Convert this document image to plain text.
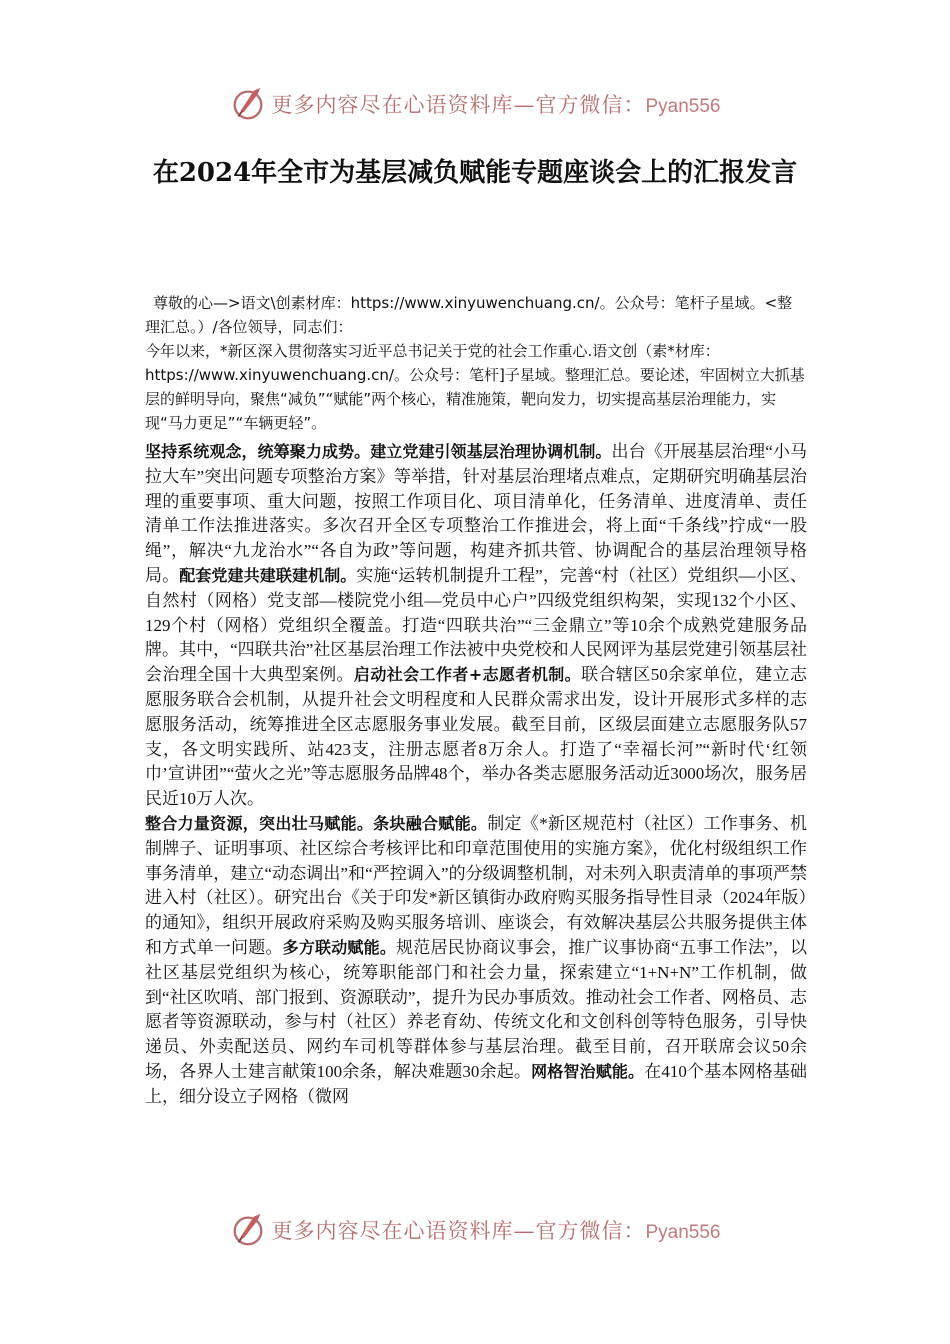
更多内容尽在心语资料库—官方微信：Pyan556
在2024年全市为基层减负赋能专题座谈会上的汇报发言

尊敬的心—>语文\创素材库：https://www.xinyuwenchuang.cn/。公众号：笔杆子星域。<整理汇总。）/各位领导，同志们：

今年以来，*新区深入贯彻落实习近平总书记关于党的社会工作重心.语文创（素*材库：https://www.xinyuwenchuang.cn/。公众号：笔杆]子星域。整理汇总。要论述，牢固树立大抓基层的鲜明导向，聚焦“减负”“赋能”两个核心，精准施策，靶向发力，切实提高基层治理能力，实现“马力更足”“车辆更轻”。

坚持系统观念，统筹聚力成势。建立党建引领基层治理协调机制。出台《开展基层治理“小马拉大车”突出问题专项整治方案》等举措，针对基层治理堵点难点，定期研究明确基层治理的重要事项、重大问题，按照工作项目化、项目清单化，任务清单、进度清单、责任清单工作法推进落实。多次召开全区专项整治工作推进会，将上面“千条线”拧成“一股绳”，解决“九龙治水”“各自为政”等问题，构建齐抓共管、协调配合的基层治理领导格局。配套党建共建联建机制。实施“运转机制提升工程”，完善“村（社区）党组织—小区、自然村（网格）党支部—楼院党小组—党员中心户”四级党组织构架，实现132个小区、129个村（网格）党组织全覆盖。打造“四联共治”“三金鼎立”等10余个成熟党建服务品牌。其中，“四联共治”社区基层治理工作法被中央党校和人民网评为基层党建引领基层社会治理全国十大典型案例。启动社会工作者+志愿者机制。联合辖区50余家单位，建立志愿服务联合会机制，从提升社会文明程度和人民群众需求出发，设计开展形式多样的志愿服务活动，统筹推进全区志愿服务事业发展。截至目前，区级层面建立志愿服务队57支，各文明实践所、站423支，注册志愿者8万余人。打造了“幸福长河”“新时代‘红领巾’宣讲团”“萤火之光”等志愿服务品牌48个，举办各类志愿服务活动近3000场次，服务居民近10万人次。

整合力量资源，突出壮马赋能。条块融合赋能。制定《*新区规范村（社区）工作事务、机制牌子、证明事项、社区综合考核评比和印章范围使用的实施方案》，优化村级组织工作事务清单，建立“动态调出”和“严控调入”的分级调整机制，对未列入职责清单的事项严禁进入村（社区）。研究出台《关于印发*新区镇街办政府购买服务指导性目录（2024年版）的通知》，组织开展政府采购及购买服务培训、座谈会，有效解决基层公共服务提供主体和方式单一问题。多方联动赋能。规范居民协商议事会，推广议事协商“五事工作法”，以社区基层党组织为核心，统筹职能部门和社会力量，探索建立“1+N+N”工作机制，做到“社区吹哨、部门报到、资源联动”，提升为民办事质效。推动社会工作者、网格员、志愿者等资源联动，参与村（社区）养老育幼、传统文化和文创科创等特色服务，引导快递员、外卖配送员、网约车司机等群体参与基层治理。截至目前，召开联席会议50余场，各界人士建言献策100余条，解决难题30余起。网格智治赋能。在410个基本网格基础上，细分设立子网格（微网

更多内容尽在心语资料库—官方微信：Pyan556
